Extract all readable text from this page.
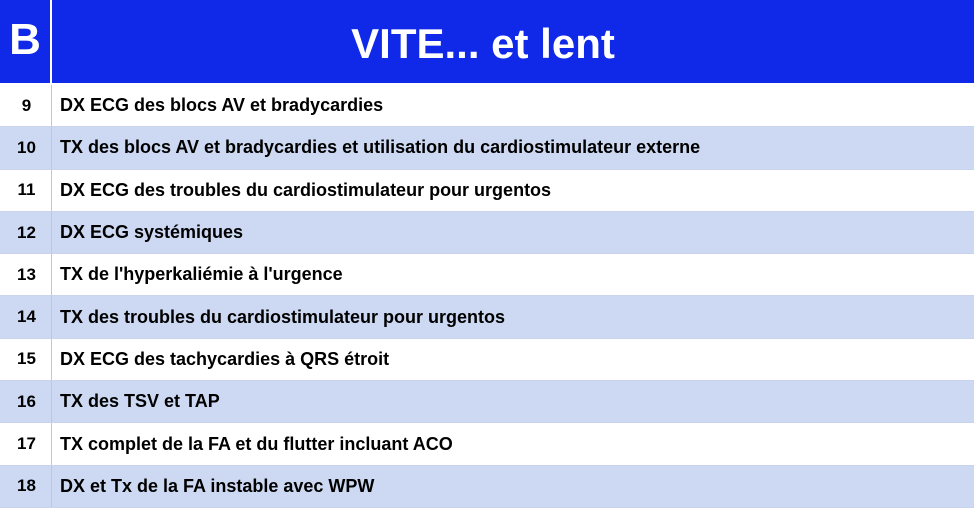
B	VITE... et lent
9	DX ECG des blocs AV et bradycardies
10	TX des blocs AV et bradycardies et utilisation du cardiostimulateur externe
11	DX ECG des troubles du cardiostimulateur pour urgentos
12	DX ECG systémiques
13	TX de l'hyperkaliémie à l'urgence
14	TX des troubles du cardiostimulateur pour urgentos
15	DX ECG des tachycardies à QRS étroit
16	TX des TSV et TAP
17	TX complet de la FA et du flutter incluant ACO
18	DX et Tx de la FA instable avec WPW
